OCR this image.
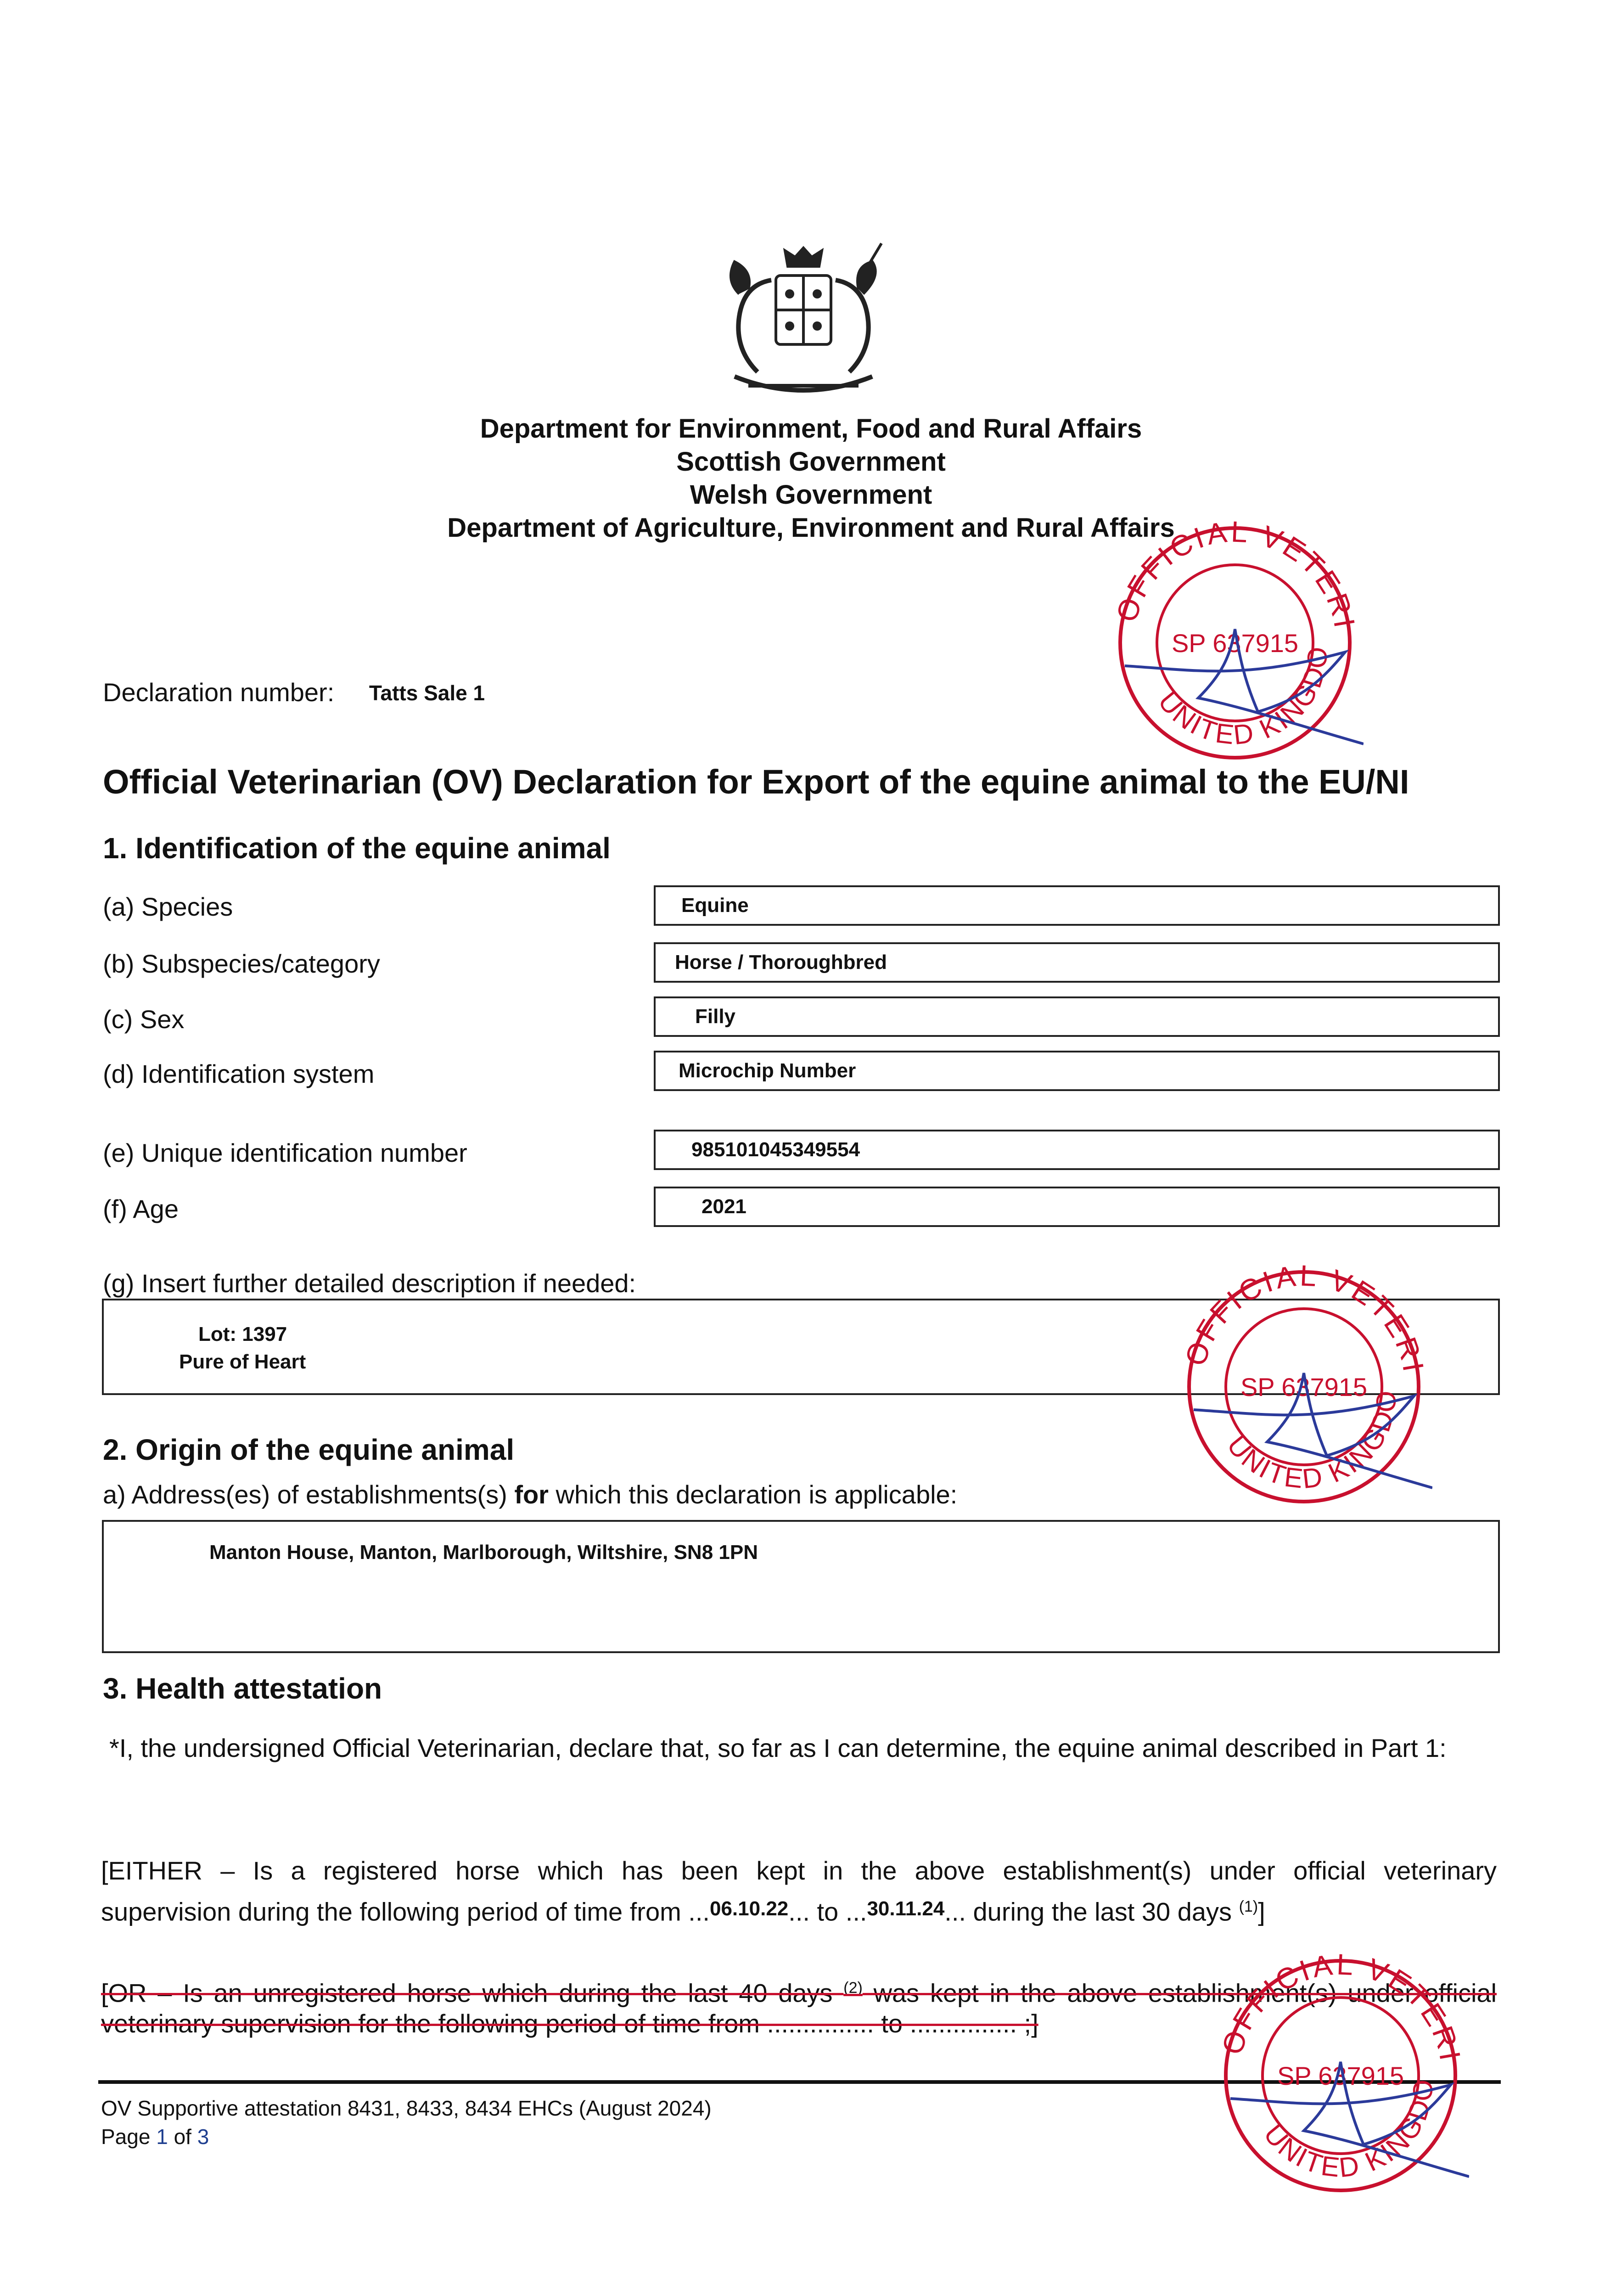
Department for Environment, Food and Rural Affairs
Scottish Government
Welsh Government
Department of Agriculture, Environment and Rural Affairs
Declaration number: Tatts Sale 1
Official Veterinarian (OV) Declaration for Export of the equine animal to the EU/NI
1. Identification of the equine animal
(a) Species	Equine
(b) Subspecies/category	Horse / Thoroughbred
(c) Sex	Filly
(d) Identification system	Microchip Number
(e) Unique identification number	985101045349554
(f) Age	2021
(g) Insert further detailed description if needed:
Lot: 1397
Pure of Heart
2. Origin of the equine animal
a) Address(es) of establishments(s) for which this declaration is applicable:
Manton House, Manton, Marlborough, Wiltshire, SN8 1PN
3. Health attestation
*I, the undersigned Official Veterinarian, declare that, so far as I can determine, the equine animal described in Part 1:
[EITHER – Is a registered horse which has been kept in the above establishment(s) under official veterinary
supervision during the following period of time from ...$^{06.10.22}$... to ...$^{30.11.24}$... during the last 30 days $^{(1)}$]
[OR – Is an unregistered horse which during the last 40 days $^{(2)}$ was kept in the above establishment(s) under official
veterinary supervision for the following period of time from ............... to ............... ;]
OV Supportive attestation 8431, 8433, 8434 EHCs (August 2024)
Page 1 of 3
